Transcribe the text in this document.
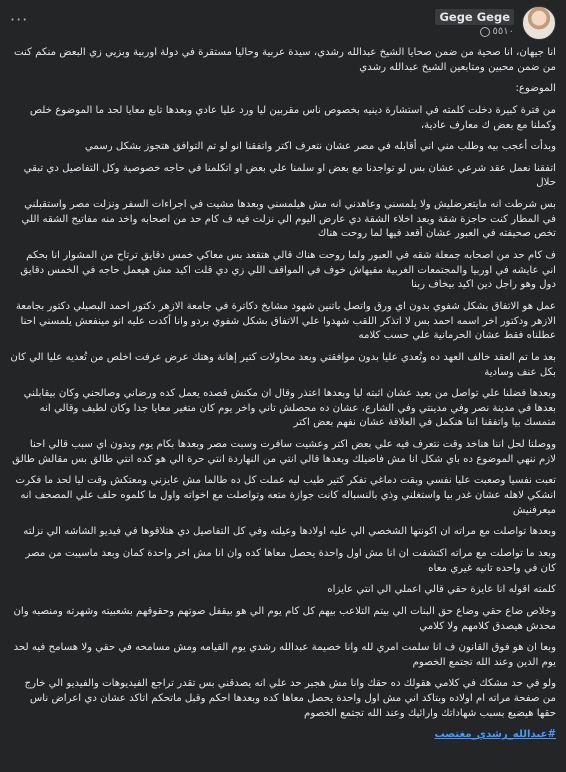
Gege Gege
٥٥١٠
···

انا جيهان، انا صحية من ضمن صحايا الشيخ عبدالله رشدي، سيدة عربية وحاليا مستقرة في دولة اوربية وبزيي زي البعض منكم كنت من ضمن محبين ومتابعين الشيخ عبدالله رشدي

الموضوع:

من فترة كبيرة دخلت كلمته في استشارة دينيه بخصوص ناس مقربين ليا ورد عليا عادي وبعدها تابع معايا لحد ما الموضوع خلص وكملنا مع بعض ك معارف عادية،

وبدأت أعجب بيه وطلب مني اني أقابله في مصر عشان نتعرف اكتر واتفقنا انو لو تم التوافق هتجوز بشكل رسمي

اتفقنا نعمل عقد شرعي عشان بس لو تواجدنا مع بعض او سلمنا علي بعض او اتكلمنا في حاجه خصوصية وكل التفاصيل دي تبقي حلال

بس شرطت انه مايتعرضليش ولا يلمسني وعاهدني انه مش هيلمسني وبعدها مشيت في اجراءات السفر ونزلت مصر واستقبلني في المطار كنت حاجزة شقة وبعد اخلاء الشقة دي عارض اليوم الي نزلت فيه ف كام حد من اصحابه واخد منه مفاتيح الشقه اللي تخص صحيفته في العبور عشان أقعد فيها لما روحت هناك

ف كام حد من اصحابه جمعلة شقه في العبور ولما روحت هناك قالي هتقعد بس معاكي خمس دقايق ترتاح من المشوار انا بحكم اني عايشه في اوربيا والمجتمعات الغربية مفيهاش خوف في المواقف اللي زي دي قلت اكيد مش هيعمل حاجه في الخمس دقايق دول وهو راجل دين اكيد بيخاف ربنا

عمل هو الاتفاق بشكل شفوي بدون اي ورق واتصل باتنين شهود مشايخ دكاترة في جامعة الازهر دكتور احمد البصيلي دكتور بجامعة الازهر ودكتور اخر اسمه احمد بس لا اتذكر اللقب شهدوا علي الاتفاق بشكل شفوي بردو وانا أكدت عليه انو مينفعش يلمسني احنا عطلناه فقط عشان الحرمانية علي حسب كلامه

بعد ما تم العقد خالف العهد ده وتُعدي عليا بدون موافقتي وبعد محاولات كتير إهانة وهتك عرض عرفت اخلص من تُعديه عليا الي كان بكل عنف وسادية

وبعدها فضلنا علي تواصل من بعيد عشان اثبته ليا وبعدها اعتذر وقال ان مكنش قصده يعمل كده ورضاني وصالحني وكان بيقابلني بعدها في مدينة نصر وفي مدينتي وفي الشارع، عشان ده محصلش تاني واخر يوم كان متغير معايا جدا وكان لطيف وقالي انه متمسك بيا واتفقنا اننا هنكمل في العلاقة عشان نفهم بعض اكتر

ووصلنا لحل اننا هناخد وقت نتعرف فيه علي بعض اكتر وعشيت سافرت وسبت مصر وبعدها بكام يوم وبدون اي سبب قالي احنا لازم ننهي الموضوع ده باي شكل انا مش فاضيلك وبعدها قالي انتي من النهاردة انتي حرة الي هو كده انتي طالق بس مقالش طالق

تعبت نفسيا وصعبت عليا نفسي وبقت دماغي تفكر كتير طيب ليه عملت كل ده طالما مش عايزني ومعتكش وقت ليا لحد ما فكرت انشكي لاهله عشان غدر بيا واستغلني وذي بالنسباله كانت جوازة متعه وتواصلت مع اخواته واول ما كلموه حلف علي المصحف انه ميعرفنيش

وبعدها تواصلت مع مراته ان اكونتها الشخصي الي عليه اولادها وعيلته وفي كل التفاصيل دي هتلاقوها في فيديو الشاشه الي نزلته

وبعد ما تواصلت مع مراته اكتشفت ان انا مش اول واحدة يحصل معاها كده وان انا مش اخر واحدة كمان وبعد ماسيبت من مصر كان في واحده تانيه غيري معاه

كلمته اقوله انا عايزة حقي قالي اعملي الي انتي عايزاه

وخلاص ضاع حقي وضاع حق البنات الي بيتم التلاعب بيهم كل كام يوم الي هو بيقفل صوتهم وحقوقهم بشعبيته وشهرته ومنصبه وان محدش هيصدق كلامهم ولا كلامي

وبعا ان هو فوق القانون ف انا سلمت امري لله وانا خصيمة عبدالله رشدي يوم القيامه ومش مسامحه في حقي ولا هسامح فيه لحد يوم الدين وعند الله تجتمع الخصوم

ولو في حد مشكك في كلامي هقولك ده حقك وانا مش هجبر حد علي انه يصدقني بس تقدر تراجع الفيديوهات والفيديو الي خارج من صفحة مراته ام اولاده وبتاكد اني مش اول واحدة يحصل معاها كده وبعدها احكم وقبل ماتحكم اتاكد عشان دي اعراض ناس حقها هيضيع بسبب شهاداتك وارائيك وعند الله تجتمع الخصوم

#عبدالله_رشدي_مغتصب
